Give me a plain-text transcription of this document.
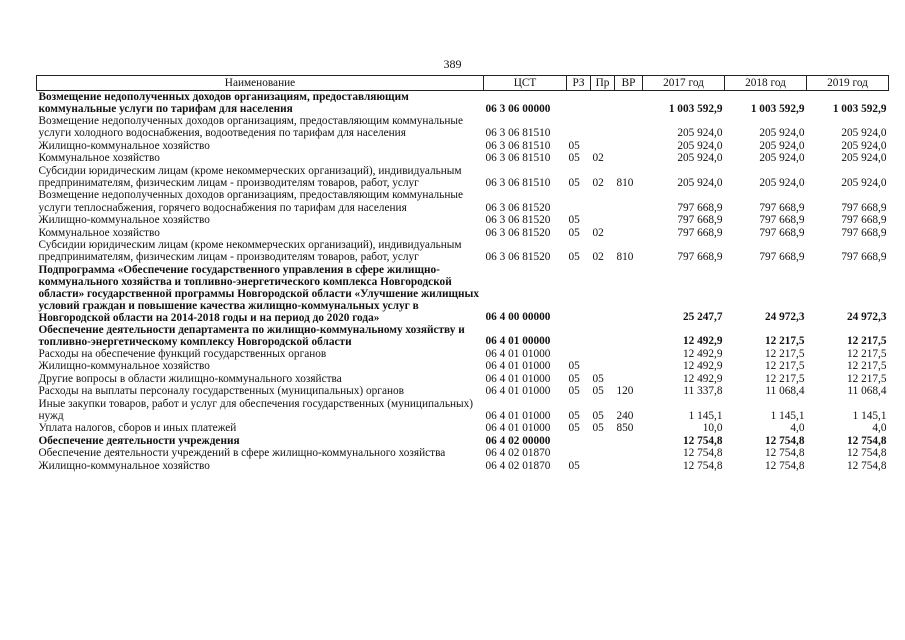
389
Наименование	ЦСТ	РЗ	Пр	ВР	2017 год	2018 год	2019 год
Возмещение недополученных доходов организациям, предоставляющим коммунальные услуги по тарифам для населения	06 3 06 00000				1 003 592,9	1 003 592,9	1 003 592,9
Возмещение недополученных доходов организациям, предоставляющим коммунальные услуги холодного водоснабжения, водоотведения по тарифам для населения	06 3 06 81510				205 924,0	205 924,0	205 924,0
Жилищно-коммунальное хозяйство	06 3 06 81510	05			205 924,0	205 924,0	205 924,0
Коммунальное хозяйство	06 3 06 81510	05	02		205 924,0	205 924,0	205 924,0
Субсидии юридическим лицам (кроме некоммерческих организаций), индивидуальным предпринимателям, физическим лицам - производителям товаров, работ, услуг	06 3 06 81510	05	02	810	205 924,0	205 924,0	205 924,0
Возмещение недополученных доходов организациям, предоставляющим коммунальные услуги теплоснабжения, горячего водоснабжения по тарифам для населения	06 3 06 81520				797 668,9	797 668,9	797 668,9
Жилищно-коммунальное хозяйство	06 3 06 81520	05			797 668,9	797 668,9	797 668,9
Коммунальное хозяйство	06 3 06 81520	05	02		797 668,9	797 668,9	797 668,9
Субсидии юридическим лицам (кроме некоммерческих организаций), индивидуальным предпринимателям, физическим лицам - производителям товаров, работ, услуг	06 3 06 81520	05	02	810	797 668,9	797 668,9	797 668,9
Подпрограмма «Обеспечение государственного управления в сфере жилищно-коммунального хозяйства и топливно-энергетического комплекса Новгородской области» государственной программы Новгородской области «Улучшение жилищных условий граждан и повышение качества жилищно-коммунальных услуг в Новгородской области на 2014-2018 годы и на период до 2020 года»	06 4 00 00000				25 247,7	24 972,3	24 972,3
Обеспечение деятельности департамента по жилищно-коммунальному хозяйству и топливно-энергетическому комплексу Новгородской области	06 4 01 00000				12 492,9	12 217,5	12 217,5
Расходы на обеспечение функций государственных органов	06 4 01 01000				12 492,9	12 217,5	12 217,5
Жилищно-коммунальное хозяйство	06 4 01 01000	05			12 492,9	12 217,5	12 217,5
Другие вопросы в области жилищно-коммунального хозяйства	06 4 01 01000	05	05		12 492,9	12 217,5	12 217,5
Расходы на выплаты персоналу государственных (муниципальных) органов	06 4 01 01000	05	05	120	11 337,8	11 068,4	11 068,4
Иные закупки товаров, работ и услуг для обеспечения государственных (муниципальных) нужд	06 4 01 01000	05	05	240	1 145,1	1 145,1	1 145,1
Уплата налогов, сборов и иных платежей	06 4 01 01000	05	05	850	10,0	4,0	4,0
Обеспечение деятельности учреждения	06 4 02 00000				12 754,8	12 754,8	12 754,8
Обеспечение деятельности учреждений в сфере жилищно-коммунального хозяйства	06 4 02 01870				12 754,8	12 754,8	12 754,8
Жилищно-коммунальное хозяйство	06 4 02 01870	05			12 754,8	12 754,8	12 754,8
